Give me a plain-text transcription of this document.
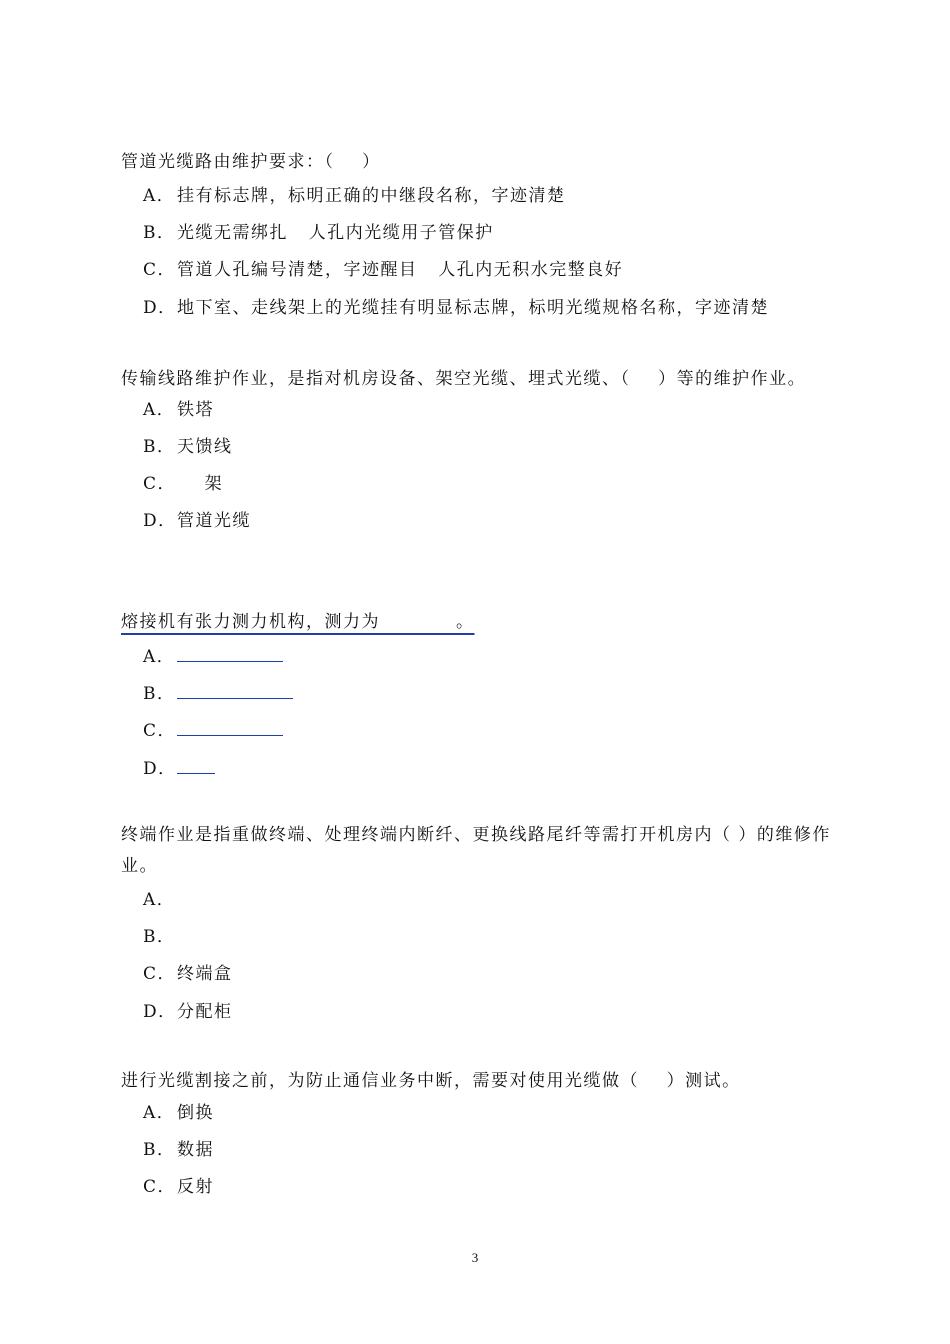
管道光缆路由维护要求：（    ）
A． 挂有标志牌，标明正确的中继段名称，字迹清楚
B．光缆无需绑扎   人孔内光缆用子管保护
C．管道人孔编号清楚，字迹醒目   人孔内无积水完整良好
D．地下室、走线架上的光缆挂有明显标志牌，标明光缆规格名称，字迹清楚
传输线路维护作业，是指对机房设备、架空光缆、埋式光缆、（    ）等的维护作业。
A． 铁塔
B．天馈线
C．    架
D．管道光缆
熔接机有张力测力机构，测力为           。
A．
B．
C．
D．
终端作业是指重做终端、处理终端内断纤、更换线路尾纤等需打开机房内（ ）的维修作业。
A．
B．
C．终端盒
D．分配柜
进行光缆割接之前，为防止通信业务中断，需要对使用光缆做（    ）测试。
A． 倒换
B．数据
C．反射
3
